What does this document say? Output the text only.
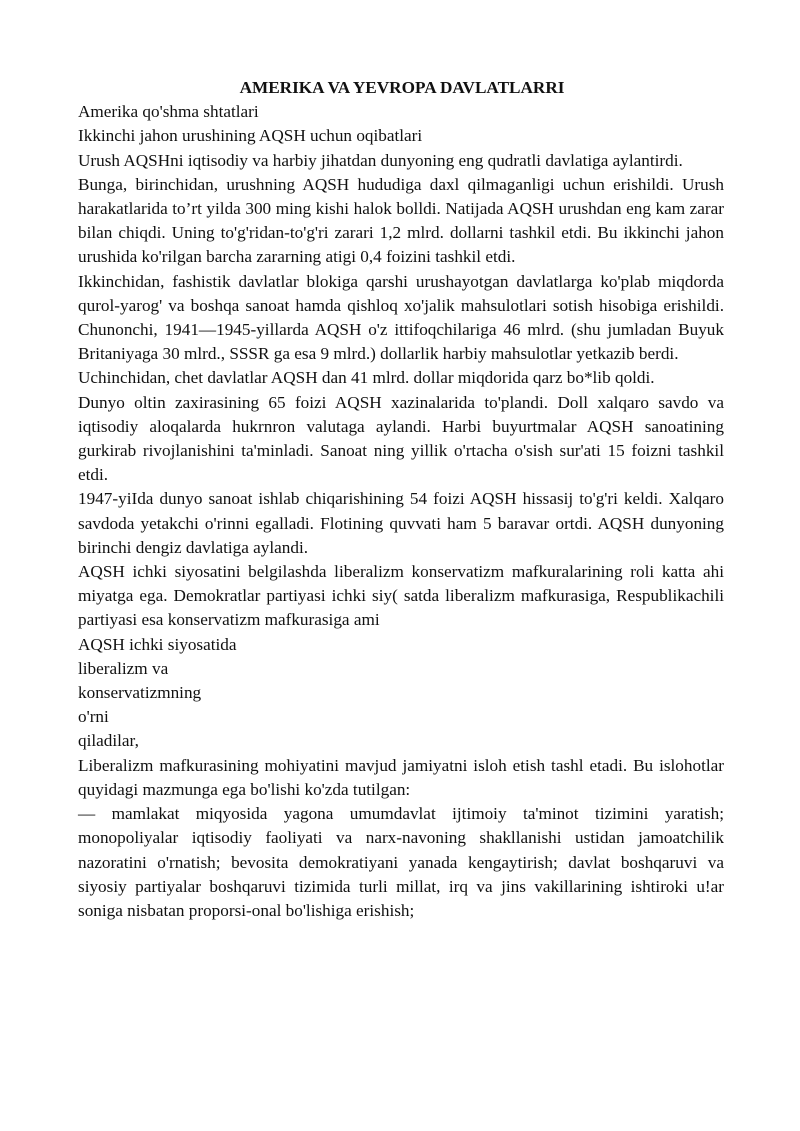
AMERIKA VA YEVROPA DAVLATLARRI

Amerika qo'shma shtatlari

Ikkinchi jahon urushining AQSH uchun oqibatlari

Urush AQSHni iqtisodiy va harbiy jihatdan dunyoning eng qudratli davlatiga aylantirdi.

Bunga, birinchidan, urushning AQSH hududiga daxl qilmaganligi uchun erishildi. Urush harakatlarida to’rt yilda 300 ming kishi halok bolldi. Natijada AQSH urushdan eng kam zarar bilan chiqdi. Uning to'g'ridan-to'g'ri zarari 1,2 mlrd. dollarni tashkil etdi. Bu ikkinchi jahon urushida ko'rilgan barcha zararning atigi 0,4 foizini tashkil etdi.

Ikkinchidan, fashistik davlatlar blokiga qarshi urushayotgan davlatlarga ko'plab miqdorda qurol-yarog' va boshqa sanoat hamda qishloq xo'jalik mahsulotlari sotish hisobiga erishildi. Chunonchi, 1941—1945-yillarda AQSH o'z ittifoqchilariga 46 mlrd. (shu jumladan Buyuk Britaniyaga 30 mlrd., SSSR ga esa 9 mlrd.) dollarlik harbiy mahsulotlar yetkazib berdi.

Uchinchidan, chet davlatlar AQSH dan 41 mlrd. dollar miqdorida qarz bo*lib qoldi.

Dunyo oltin zaxirasining 65 foizi AQSH xazinalarida to'plandi. Doll xalqaro savdo va iqtisodiy aloqalarda hukrnron valutaga aylandi. Harbi buyurtmalar AQSH sanoatining gurkirab rivojlanishini ta'minladi. Sanoat ning yillik o'rtacha o'sish sur'ati 15 foizni tashkil etdi.

1947-yiIda dunyo sanoat ishlab chiqarishining 54 foizi AQSH hissasij to'g'ri keldi. Xalqaro savdoda yetakchi o'rinni egalladi. Flotining quvvati ham 5 baravar ortdi. AQSH dunyoning birinchi dengiz davlatiga aylandi.

AQSH ichki siyosatini belgilashda liberalizm konservatizm mafkuralarining roli katta ahi miyatga ega. Demokratlar partiyasi ichki siy( satda liberalizm mafkurasiga, Respublikachili partiyasi esa konservatizm mafkurasiga ami

AQSH ichki siyosatida

liberalizm va

konservatizmning

o'rni

qiladilar,

Liberalizm mafkurasining mohiyatini mavjud jamiyatni isloh etish tashl etadi. Bu islohotlar quyidagi mazmunga ega bo'lishi ko'zda tutilgan:

— mamlakat miqyosida yagona umumdavlat ijtimoiy ta'minot tizimini yaratish; monopoliyalar iqtisodiy faoliyati va narx-navoning shakllanishi ustidan jamoatchilik nazoratini o'rnatish; bevosita demokratiyani yanada kengaytirish; davlat boshqaruvi va siyosiy partiyalar boshqaruvi tizimida turli millat, irq va jins vakillarining ishtiroki u!ar soniga nisbatan proporsi-onal bo'lishiga erishish;
